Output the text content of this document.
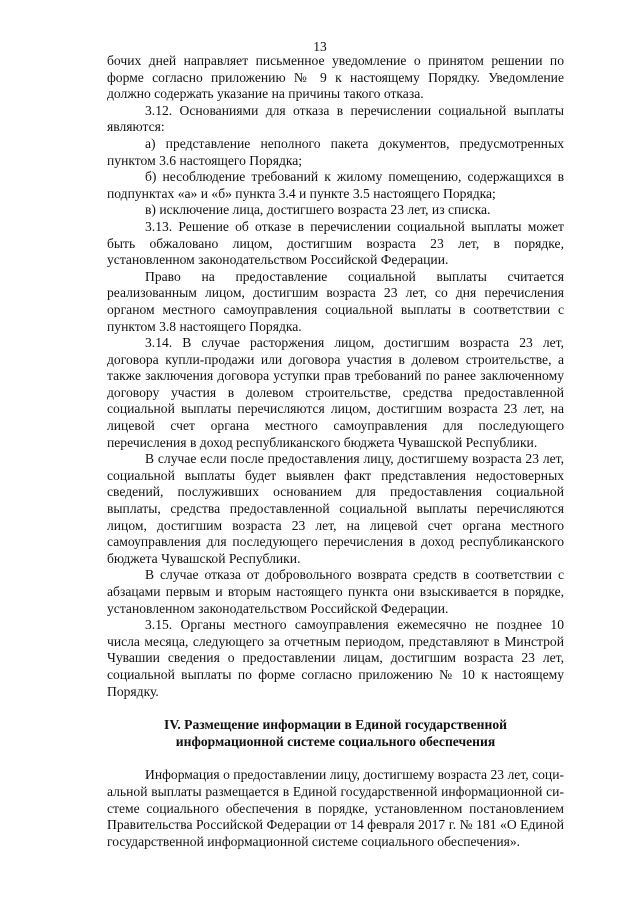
13

бочих дней направляет письменное уведомление о принятом решении по форме согласно приложению № 9 к настоящему Порядку. Уведомление должно содержать указание на причины такого отказа.

3.12. Основаниями для отказа в перечислении социальной выплаты являются:

а) представление неполного пакета документов, предусмотренных пунктом 3.6 настоящего Порядка;

б) несоблюдение требований к жилому помещению, содержащихся в подпунктах «а» и «б» пункта 3.4 и пункте 3.5 настоящего Порядка;

в) исключение лица, достигшего возраста 23 лет, из списка.

3.13. Решение об отказе в перечислении социальной выплаты может быть обжаловано лицом, достигшим возраста 23 лет, в порядке, установленном законодательством Российской Федерации.

Право на предоставление социальной выплаты считается реализованным лицом, достигшим возраста 23 лет, со дня перечисления органом местного самоуправления социальной выплаты в соответствии с пунктом 3.8 настоящего Порядка.

3.14. В случае расторжения лицом, достигшим возраста 23 лет, договора купли-продажи или договора участия в долевом строительстве, а также заключения договора уступки прав требований по ранее заключенному договору участия в долевом строительстве, средства предоставленной социальной выплаты перечисляются лицом, достигшим возраста 23 лет, на лицевой счет органа местного самоуправления для последующего перечисления в доход республиканского бюджета Чувашской Республики.

В случае если после предоставления лицу, достигшему возраста 23 лет, социальной выплаты будет выявлен факт представления недостоверных сведений, послуживших основанием для предоставления социальной выплаты, средства предоставленной социальной выплаты перечисляются лицом, достигшим возраста 23 лет, на лицевой счет органа местного самоуправления для последующего перечисления в доход республиканского бюджета Чувашской Республики.

В случае отказа от добровольного возврата средств в соответствии с абзацами первым и вторым настоящего пункта они взыскивается в порядке, установленном законодательством Российской Федерации.

3.15. Органы местного самоуправления ежемесячно не позднее 10 числа месяца, следующего за отчетным периодом, представляют в Минстрой Чувашии сведения о предоставлении лицам, достигшим возраста 23 лет, социальной выплаты по форме согласно приложению № 10 к настоящему Порядку.

IV. Размещение информации в Единой государственной
информационной системе социального обеспечения

Информация о предоставлении лицу, достигшему возраста 23 лет, социальной выплаты размещается в Единой государственной информационной системе социального обеспечения в порядке, установленном постановлением Правительства Российской Федерации от 14 февраля 2017 г. № 181 «О Единой государственной информационной системе социального обеспечения».
